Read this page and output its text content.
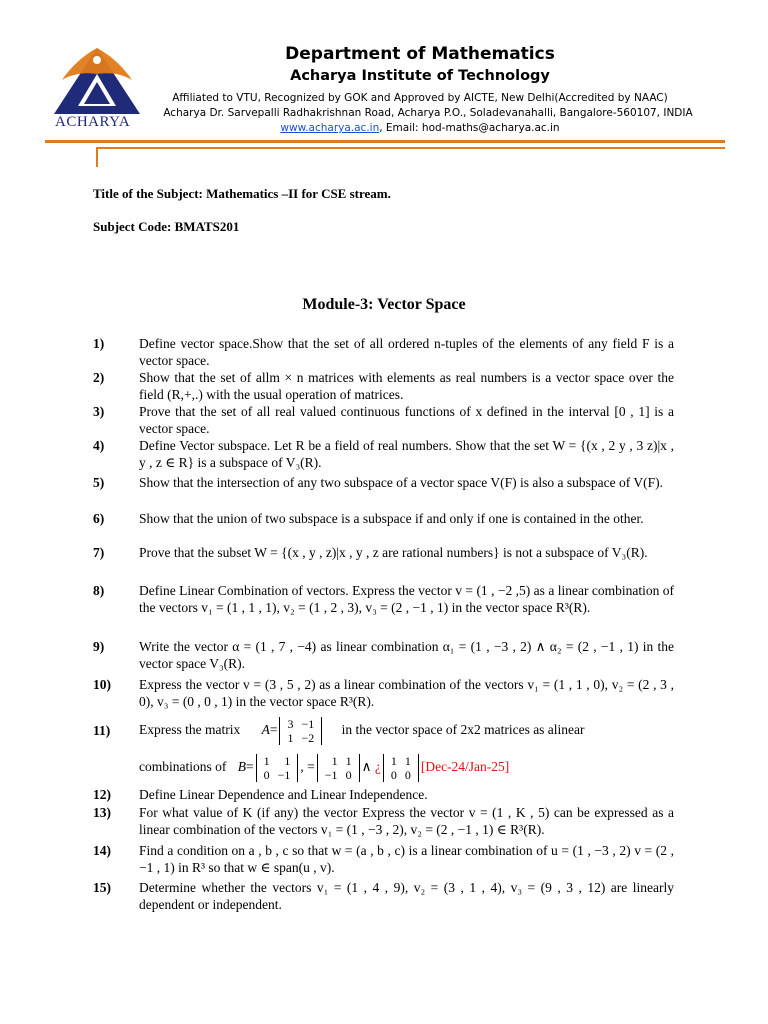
ACHARYA
Department of Mathematics
Acharya Institute of Technology
Affiliated to VTU, Recognized by GOK and Approved by AICTE, New Delhi(Accredited by NAAC)
Acharya Dr. Sarvepalli Radhakrishnan Road, Acharya P.O., Soladevanahalli, Bangalore-560107, INDIA
www.acharya.ac.in, Email: hod-maths@acharya.ac.in
Title of the Subject: Mathematics –II for CSE stream.
Subject Code: BMATS201
Module-3: Vector Space
1)	Define vector space.Show that the set of all ordered n-tuples of the elements of any field F is a vector space.
2)	Show that the set of allm × n matrices with elements as real numbers is a vector space over the field (R,+,.) with the usual operation of matrices.
3)	Prove that the set of all real valued continuous functions of x defined in the interval [0 , 1] is a vector space.
4)	Define Vector subspace. Let R be a field of real numbers. Show that the set W = {(x , 2 y , 3 z)|x , y , z ∈ R} is a subspace of V₃(R).
5)	Show that the intersection of any two subspace of a vector space V(F) is also a subspace of V(F).
6)	Show that the union of two subspace is a subspace if and only if one is contained in the other.
7)	Prove that the subset W = {(x , y , z)|x , y , z are rational numbers} is not a subspace of V₃(R).
8)	Define Linear Combination of vectors. Express the vector v = (1 , −2 ,5) as a linear combination of the vectors v₁ = (1 , 1 , 1), v₂ = (1 , 2 , 3), v₃ = (2 , −1 , 1) in the vector space R³(R).
9)	Write the vector α = (1 , 7 , −4) as linear combination α₁ = (1 , −3 , 2) ∧ α₂ = (2 , −1 , 1) in the vector space V₃(R).
10) Express the vector v = (3 , 5 , 2) as a linear combination of the vectors v₁ = (1 , 1 , 0), v₂ = (2 , 3 , 0), v₃ = (0 , 0 , 1) in the vector space R³(R).
11) Express the matrix A= 3	−1
1	−2
in the vector space of 2x2 matrices as alinear
combinations of B= 1	1
0	−1
, = 1	1
−1	0
∧ ¿ 1	1
0	0
[Dec-24/Jan-25]
12) Define Linear Dependence and Linear Independence.
13) For what value of K (if any) the vector Express the vector v = (1 , K , 5) can be expressed as a linear combination of the vectors v₁ = (1 , −3 , 2), v₂ = (2 , −1 , 1) ∈ R³(R).
14) Find a condition on a , b , c so that w = (a , b , c) is a linear combination of u = (1 , −3 , 2) v = (2 , −1 , 1) in R³ so that w ∈ span(u , v).
15) Determine whether the vectors v₁ = (1 , 4 , 9), v₂ = (3 , 1 , 4), v₃ = (9 , 3 , 12) are linearly dependent or independent.
